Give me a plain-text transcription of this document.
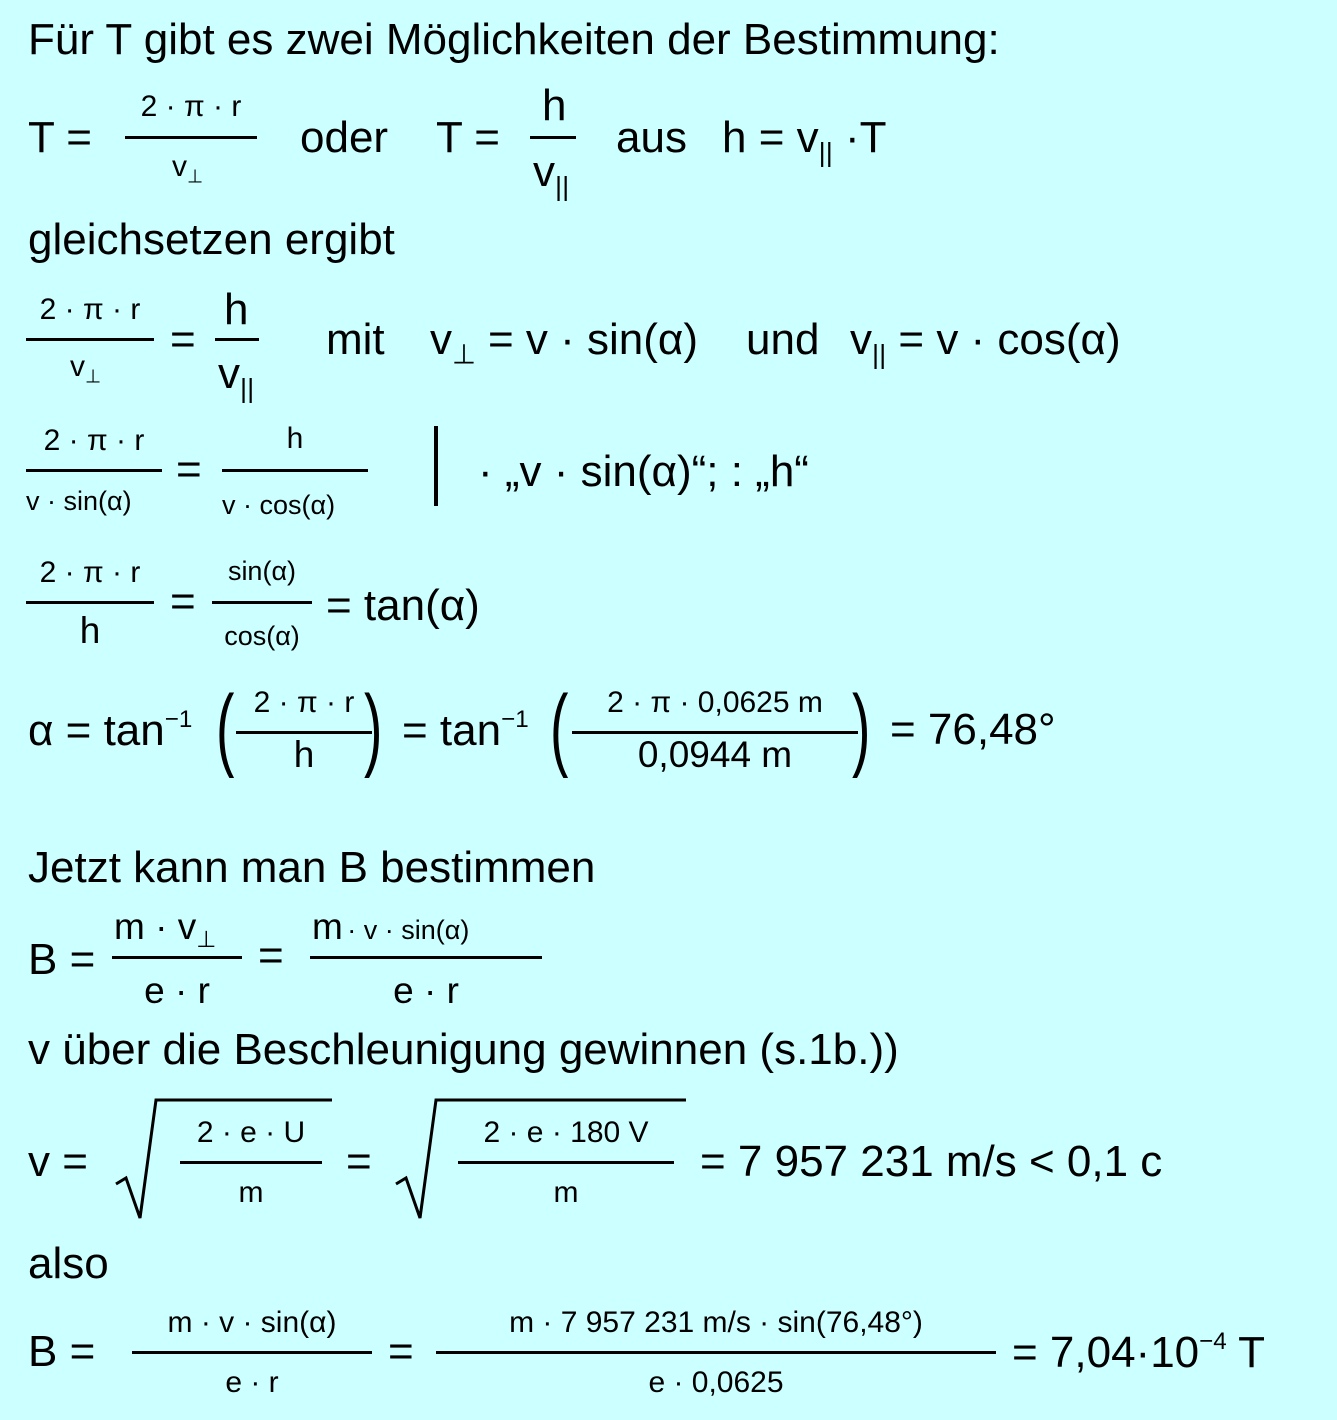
Für T gibt es zwei Möglichkeiten der Bestimmung:
T =
2 · π · r
$v_\perp$
oder T =
h
$v_{||}$
aus $h = v_{||} \cdot T$
gleichsetzen ergibt
2 · π · r
$v_\perp$
=
h
$v_{||}$
mit $v_\perp = v \cdot \sin(\alpha)$ und $v_{||} = v \cdot \cos(\alpha)$
2 · π · r
v · sin(α)
=
h
v · cos(α)
· „v · sin(α)“; : „h“
2 · π · r
h
=
sin(α)
cos(α)
= tan(α)
$\alpha = \tan^{-1}$ ( 2 · π · r
h ) = $\tan^{-1}$ (	2 · π · 0,0625 m
0,0944 m ) = 76,48°
Jetzt kann man B bestimmen
B =
$m \cdot v_\perp$
e · r
=
m · v · sin(α)
e · r
v über die Beschleunigung gewinnen (s.1b.))
v =
2 · e · U
m
=
2 · e · 180 V
m
= 7 957 231 m/s < 0,1 c
also
B =
m · v · sin(α)
e · r
=
m · 7 957 231 m/s · sin(76,48°)
e · 0,0625
= $7,04\cdot 10^{-4}$ T
